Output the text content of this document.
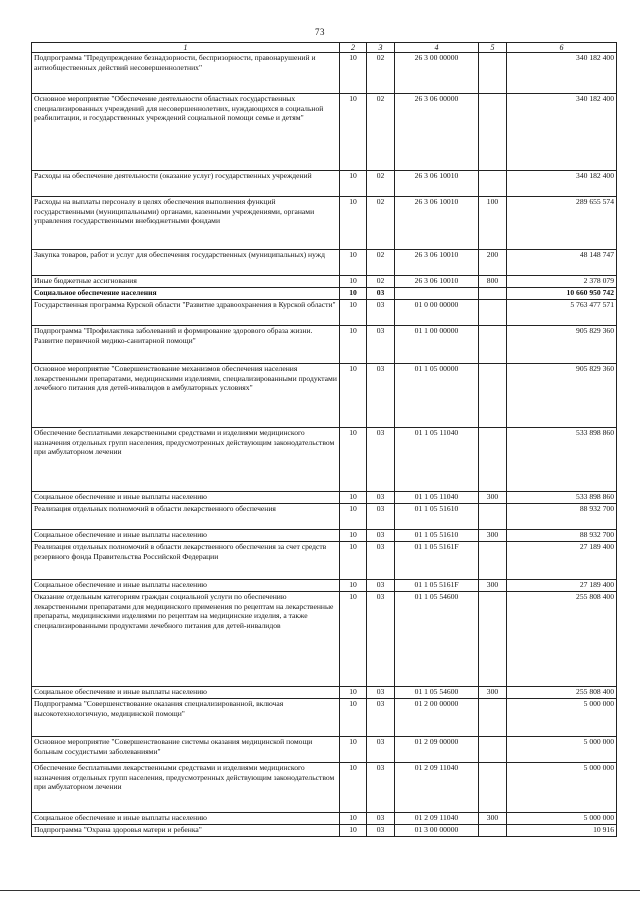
73
1	2	3	4	5	6
Подпрограмма "Предупреждение безнадзорности, беспризорности, правонарушений и антиобщественных действий несовершеннолетних"	10	02	26 3 00 00000		340 182 400
Основное мероприятие "Обеспечение деятельности областных государственных специализированных учреждений для несовершеннолетних, нуждающихся в социальной реабилитации, и государственных учреждений социальной помощи семье и детям"	10	02	26 3 06 00000		340 182 400
Расходы на обеспечение деятельности (оказание услуг) государственных учреждений	10	02	26 3 06 10010		340 182 400
Расходы на выплаты персоналу в целях обеспечения выполнения функций государственными (муниципальными) органами, казенными учреждениями, органами управления государственными внебюджетными фондами	10	02	26 3 06 10010	100	289 655 574
Закупка товаров, работ и услуг для обеспечения государственных (муниципальных) нужд	10	02	26 3 06 10010	200	48 148 747
Иные бюджетные ассигнования	10	02	26 3 06 10010	800	2 378 079
Социальное обеспечение населения	10	03			10 660 950 742
Государственная программа Курской области "Развитие здравоохранения в Курской области"	10	03	01 0 00 00000		5 763 477 571
Подпрограмма "Профилактика заболеваний и формирование здорового образа жизни. Развитие первичной медико-санитарной помощи"	10	03	01 1 00 00000		905 829 360
Основное мероприятие "Совершенствование механизмов обеспечения населения лекарственными препаратами, медицинскими изделиями, специализированными продуктами лечебного питания для детей-инвалидов в амбулаторных условиях"	10	03	01 1 05 00000		905 829 360
Обеспечение бесплатными лекарственными средствами и изделиями медицинского назначения отдельных групп населения, предусмотренных действующим законодательством при амбулаторном лечении	10	03	01 1 05 11040		533 898 860
Социальное обеспечение и иные выплаты населению	10	03	01 1 05 11040	300	533 898 860
Реализация отдельных полномочий в области лекарственного обеспечения	10	03	01 1 05 51610		88 932 700
Социальное обеспечение и иные выплаты населению	10	03	01 1 05 51610	300	88 932 700
Реализация отдельных полномочий в области лекарственного обеспечения за счет средств резервного фонда Правительства Российской Федерации	10	03	01 1 05 5161F		27 189 400
Социальное обеспечение и иные выплаты населению	10	03	01 1 05 5161F	300	27 189 400
Оказание отдельным категориям граждан социальной услуги по обеспечению лекарственными препаратами для медицинского применения по рецептам на лекарственные препараты, медицинскими изделиями по рецептам на медицинские изделия, а также специализированными продуктами лечебного питания для детей-инвалидов	10	03	01 1 05 54600		255 808 400
Социальное обеспечение и иные выплаты населению	10	03	01 1 05 54600	300	255 808 400
Подпрограмма "Совершенствование оказания специализированной, включая высокотехнологичную, медицинской помощи"	10	03	01 2 00 00000		5 000 000
Основное мероприятие "Совершенствование системы оказания медицинской помощи больным сосудистыми заболеваниями"	10	03	01 2 09 00000		5 000 000
Обеспечение бесплатными лекарственными средствами и изделиями медицинского назначения отдельных групп населения, предусмотренных действующим законодательством при амбулаторном лечении	10	03	01 2 09 11040		5 000 000
Социальное обеспечение и иные выплаты населению	10	03	01 2 09 11040	300	5 000 000
Подпрограмма "Охрана здоровья матери и ребенка"	10	03	01 3 00 00000		10 916
